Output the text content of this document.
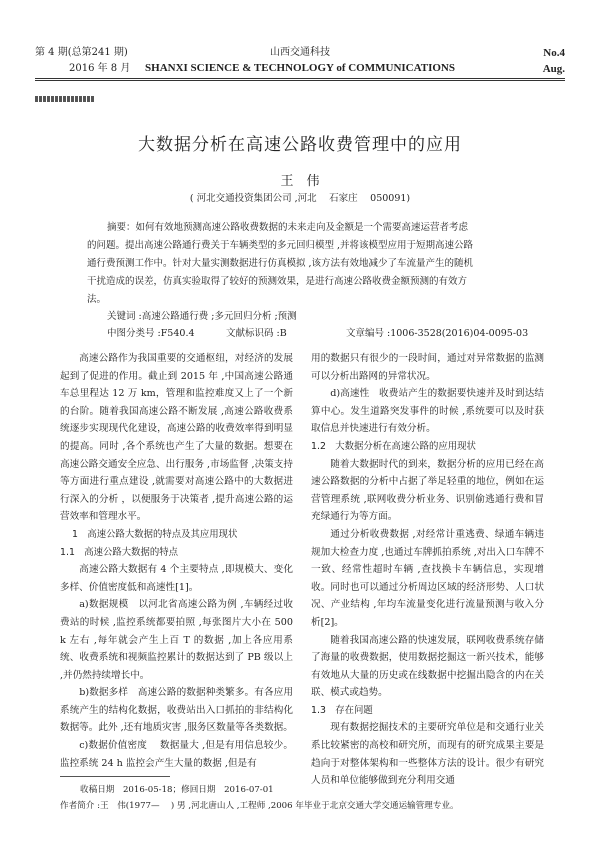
第 4 期(总第241 期)
2016 年 8 月
山西交通科技
SHANXI SCIENCE & TECHNOLOGY of COMMUNICATIONS
No.4
Aug.
大数据分析在高速公路收费管理中的应用
王　伟
( 河北交通投资集团公司 ,河北　 石家庄　 050091)
摘要：如何有效地预测高速公路收费数据的未来走向及金额是一个需要高速运营者考虑
的问题。提出高速公路通行费关于车辆类型的多元回归模型 ,并将该模型应用于短期高速公路
通行费预测工作中。针对大量实测数据进行仿真模拟 ,该方法有效地减少了车流量产生的随机
干扰造成的误差，仿真实验取得了较好的预测效果，是进行高速公路收费金额预测的有效方
法。
关键词 :高速公路通行费 ;多元回归分析 ;预测
中图分类号 :F540.4	文献标识码 :B	文章编号 :1006-3528(2016)04-0095-03

高速公路作为我国重要的交通枢纽，对经济的发展起到了促进的作用。截止到 2015 年 ,中国高速公路通车总里程达 12 万 km，管理和监控难度又上了一个新的台阶。随着我国高速公路不断发展 ,高速公路收费系统逐步实现现代化建设，高速公路的收费效率得到明显的提高。同时 ,各个系统也产生了大量的数据。想要在高速公路交通安全应急、出行服务 ,市场监督 ,决策支持等方面进行重点建设 ,就需要对高速公路中的大数据进行深入的分析 ，以便服务于决策者 ,提升高速公路的运营效率和管理水平。

1　高速公路大数据的特点及其应用现状

1.1　高速公路大数据的特点

高速公路大数据有 4 个主要特点 ,即规模大、变化多样、价值密度低和高速性[1]。

a)数据规模　以河北省高速公路为例 ,车辆经过收费站的时候 ,监控系统都要拍照 ,每张图片大小在 500 k 左右 ,每年就会产生上百 T 的数据 ,加上各应用系统、收费系统和视频监控累计的数据达到了 PB 级以上 ,并仍然持续增长中。

b)数据多样　高速公路的数据种类繁多。有各应用系统产生的结构化数据，收费站出入口抓拍的非结构化数据等。此外 ,还有地质灾害 ,服务区数量等各类数据。

c)数据价值密度　 数据量大 ,但是有用信息较少。监控系统 24 h 监控会产生大量的数据 ,但是有

用的数据只有很少的一段时间，通过对异常数据的监测可以分析出路网的异常状况。

d)高速性　收费站产生的数据要快速并及时到达结算中心。发生道路突发事件的时候 ,系统要可以及时获取信息并快速进行有效分析。

1.2　大数据分析在高速公路的应用现状

随着大数据时代的到来，数据分析的应用已经在高速公路数据的分析中占据了举足轻重的地位，例如在运营管理系统 ,联网收费分析业务、识别偷逃通行费和冒充绿通行为等方面。

通过分析收费数据 ,对经常计重逃费、绿通车辆违规加大检查力度 ,也通过车牌抓拍系统 ,对出入口车牌不一致、经常性超时车辆 ,查找换卡车辆信息，实现增收。同时也可以通过分析周边区域的经济形势、人口状况、产业结构 ,年均车流量变化进行流量预测与收入分析[2]。

随着我国高速公路的快速发展，联网收费系统存储了海量的收费数据，使用数据挖掘这一新兴技术，能够有效地从大量的历史或在线数据中挖掘出隐含的内在关联、模式或趋势。

1.3　存在问题

现有数据挖掘技术的主要研究单位是和交通行业关系比较紧密的高校和研究所，而现有的研究成果主要是趋向于对整体架构和一些整体方法的设计。很少有研究人员和单位能够做到充分利用交通

收稿日期　2016-05-18；修回日期　2016-07-01
作者简介 :王　伟(1977—　 ) 男 ,河北唐山人 ,工程师 ,2006 年毕业于北京交通大学交通运输管理专业。
